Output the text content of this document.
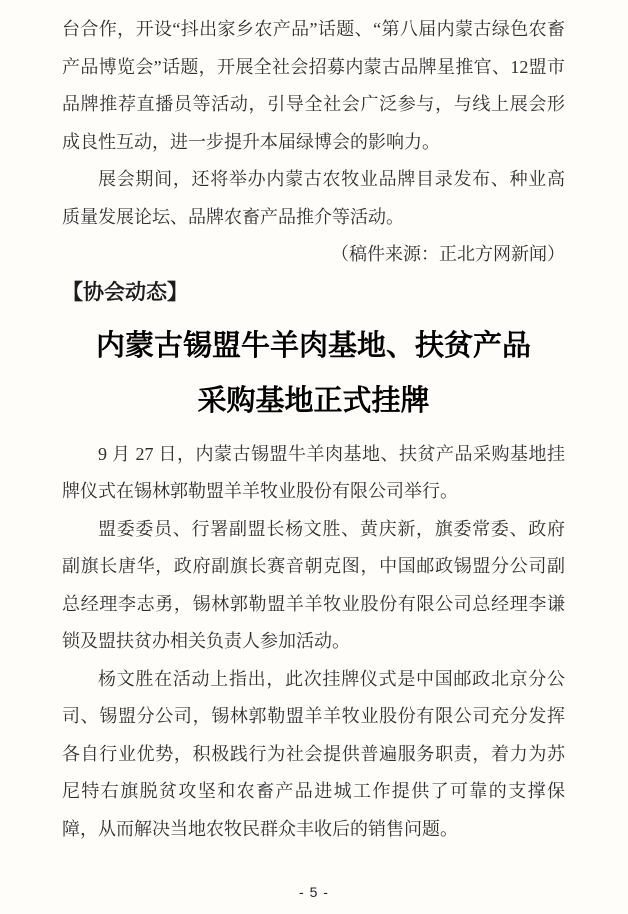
台合作，开设“抖出家乡农产品”话题、“第八届内蒙古绿色农畜产品博览会”话题，开展全社会招募内蒙古品牌星推官、12盟市品牌推荐直播员等活动，引导全社会广泛参与，与线上展会形成良性互动，进一步提升本届绿博会的影响力。

展会期间，还将举办内蒙古农牧业品牌目录发布、种业高质量发展论坛、品牌农畜产品推介等活动。

（稿件来源：正北方网新闻）

【协会动态】
内蒙古锡盟牛羊肉基地、扶贫产品
采购基地正式挂牌

9 月 27 日，内蒙古锡盟牛羊肉基地、扶贫产品采购基地挂牌仪式在锡林郭勒盟羊羊牧业股份有限公司举行。

盟委委员、行署副盟长杨文胜、黄庆新，旗委常委、政府副旗长唐华，政府副旗长赛音朝克图，中国邮政锡盟分公司副总经理李志勇，锡林郭勒盟羊羊牧业股份有限公司总经理李谦锁及盟扶贫办相关负责人参加活动。

杨文胜在活动上指出，此次挂牌仪式是中国邮政北京分公司、锡盟分公司，锡林郭勒盟羊羊牧业股份有限公司充分发挥各自行业优势，积极践行为社会提供普遍服务职责，着力为苏尼特右旗脱贫攻坚和农畜产品进城工作提供了可靠的支撑保障，从而解决当地农牧民群众丰收后的销售问题。

- 5 -
